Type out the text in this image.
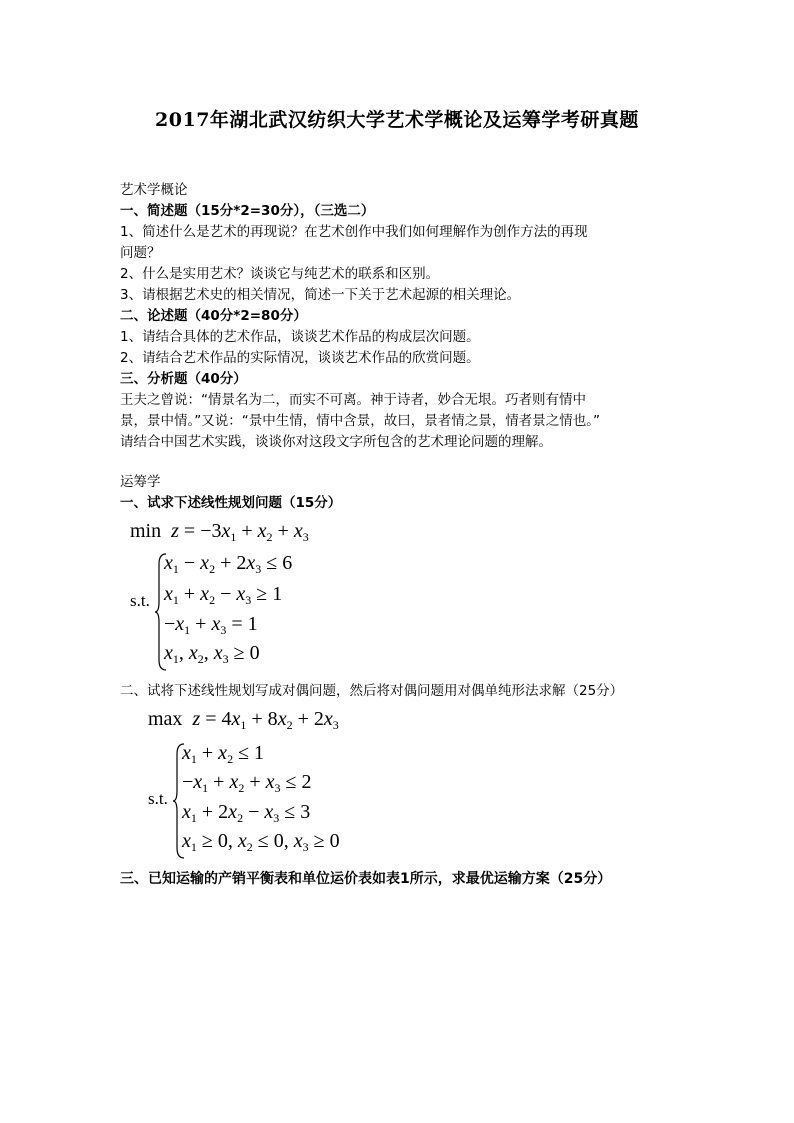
2017年湖北武汉纺织大学艺术学概论及运筹学考研真题
艺术学概论
一、简述题（15分*2=30分），（三选二）
1、简述什么是艺术的再现说？在艺术创作中我们如何理解作为创作方法的再现
问题？
2、什么是实用艺术？谈谈它与纯艺术的联系和区别。
3、请根据艺术史的相关情况，简述一下关于艺术起源的相关理论。
二、论述题（40分*2=80分）
1、请结合具体的艺术作品，谈谈艺术作品的构成层次问题。
2、请结合艺术作品的实际情况，谈谈艺术作品的欣赏问题。
三、分析题（40分）
王夫之曾说：“情景名为二，而实不可离。神于诗者，妙合无垠。巧者则有情中
景，景中情。”又说：“景中生情，情中含景，故曰，景者情之景，情者景之情也。”
请结合中国艺术实践，谈谈你对这段文字所包含的艺术理论问题的理解。
运筹学
一、试求下述线性规划问题（15分）
$\min z = -3x_1 + x_2 + x_3$
s.t.
$x_1 - x_2 + 2x_3 \le 6$
$x_1 + x_2 - x_3 \ge 1$
$-x_1 + x_3 = 1$
$x_1$, $x_2$, $x_3 \ge 0$
二、试将下述线性规划写成对偶问题，然后将对偶问题用对偶单纯形法求解（25分）
$\max z = 4x_1 + 8x_2 + 2x_3$
s.t.
$x_1 + x_2 \le 1$
$-x_1 + x_2 + x_3 \le 2$
$x_1 + 2x_2 - x_3 \le 3$
$x_1 \ge 0$, $x_2 \le 0$, $x_3 \ge 0$
三、已知运输的产销平衡表和单位运价表如表1所示，求最优运输方案（25分）
